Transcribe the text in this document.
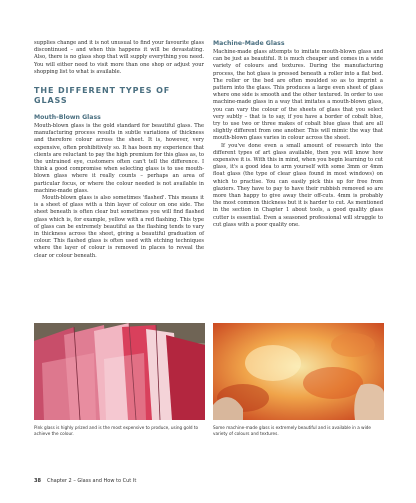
supplies change and it is not unusual to find your favourite glass discontinued – and when this happens it will be devastating. Also, there is no glass shop that will supply everything you need. You will either need to visit more than one shop or adjust your shopping list to what is available.

THE DIFFERENT TYPES OF GLASS
Mouth-Blown Glass

Mouth-blown glass is the gold standard for beautiful glass. The manufacturing process results in subtle variations of thickness and therefore colour across the sheet. It is, however, very expensive, often prohibitively so. It has been my experience that clients are reluctant to pay the high premium for this glass as, to the untrained eye, customers often can't tell the difference. I think a good compromise when selecting glass is to use mouth-blown glass where it really counts – perhaps an area of particular focus, or where the colour needed is not available in machine-made glass.

Mouth-blown glass is also sometimes 'flashed'. This means it is a sheet of glass with a thin layer of colour on one side. The sheet beneath is often clear but sometimes you will find flashed glass which is, for example, yellow with a red flashing. This type of glass can be extremely beautiful as the flashing tends to vary in thickness across the sheet, giving a beautiful graduation of colour. This flashed glass is often used with etching techniques where the layer of colour is removed in places to reveal the clear or colour beneath.

Machine-Made Glass

Machine-made glass attempts to imitate mouth-blown glass and can be just as beautiful. It is much cheaper and comes in a wide variety of colours and textures. During the manufacturing process, the hot glass is pressed beneath a roller into a flat bed. The roller or the bed are often moulded so as to imprint a pattern into the glass. This produces a large even sheet of glass where one side is smooth and the other textured. In order to use machine-made glass in a way that imitates a mouth-blown glass, you can vary the colour of the sheets of glass that you select very subtly – that is to say, if you have a border of cobalt blue, try to use two or three makes of cobalt blue glass that are all slightly different from one another. This will mimic the way that mouth-blown glass varies in colour across the sheet.

If you've done even a small amount of research into the different types of art glass available, then you will know how expensive it is. With this in mind, when you begin learning to cut glass, it's a good idea to arm yourself with some 3mm or 4mm float glass (the type of clear glass found in most windows) on which to practise. You can easily pick this up for free from glaziers. They have to pay to have their rubbish removed so are more than happy to give away their off-cuts. 4mm is probably the most common thickness but it is harder to cut. As mentioned in the section in Chapter 1 about tools, a good quality glass cutter is essential. Even a seasoned professional will struggle to cut glass with a poor quality one.

Pink glass is highly prized and is the most expensive to produce, using gold to achieve the colour.
Some machine-made glass is extremely beautiful and is available in a wide variety of colours and textures.
38 Chapter 2 – Glass and How to Cut It
